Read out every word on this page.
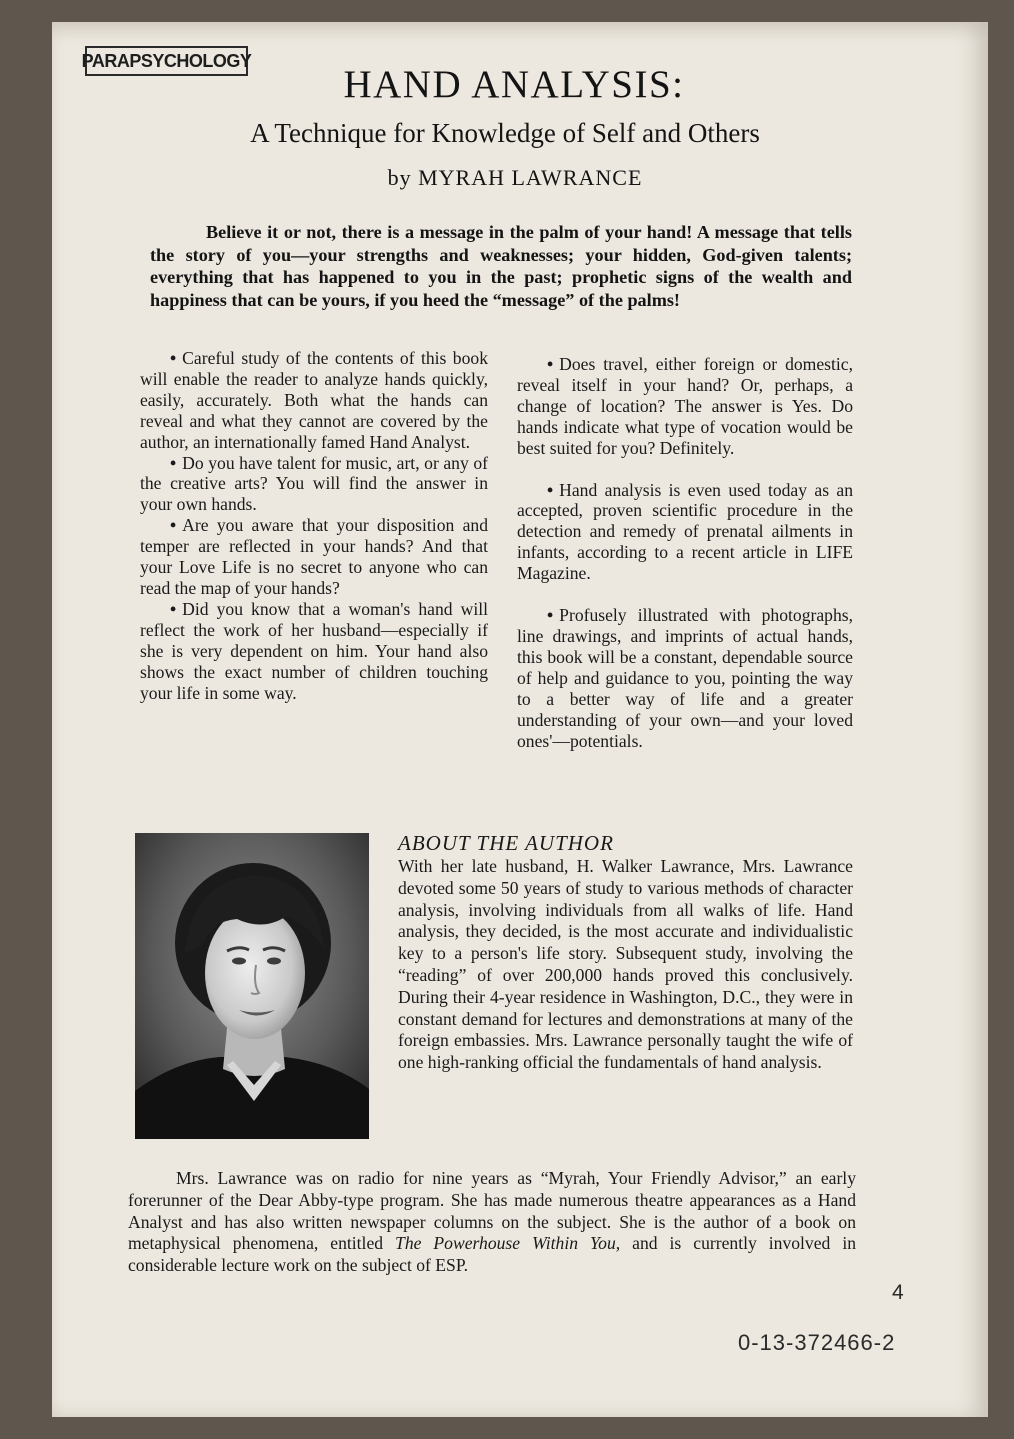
PARAPSYCHOLOGY
HAND ANALYSIS:
A Technique for Knowledge of Self and Others
by MYRAH LAWRANCE

Believe it or not, there is a message in the palm of your hand! A message that tells the story of you—your strengths and weaknesses; your hidden, God-given talents; everything that has happened to you in the past; prophetic signs of the wealth and happiness that can be yours, if you heed the “message” of the palms!

• Careful study of the contents of this book will enable the reader to analyze hands quickly, easily, accurately. Both what the hands can reveal and what they cannot are covered by the author, an internationally famed Hand Analyst.

• Do you have talent for music, art, or any of the creative arts? You will find the answer in your own hands.

• Are you aware that your disposition and temper are reflected in your hands? And that your Love Life is no secret to anyone who can read the map of your hands?

• Did you know that a woman's hand will reflect the work of her husband—especially if she is very dependent on him. Your hand also shows the exact number of children touching your life in some way.

• Does travel, either foreign or domestic, reveal itself in your hand? Or, perhaps, a change of location? The answer is Yes. Do hands indicate what type of vocation would be best suited for you? Definitely.

• Hand analysis is even used today as an accepted, proven scientific procedure in the detection and remedy of prenatal ailments in infants, according to a recent article in LIFE Magazine.

• Profusely illustrated with photographs, line drawings, and imprints of actual hands, this book will be a constant, dependable source of help and guidance to you, pointing the way to a better way of life and a greater understanding of your own—and your loved ones'—potentials.

ABOUT THE AUTHOR
With her late husband, H. Walker Lawrance, Mrs. Lawrance devoted some 50 years of study to various methods of character analysis, involving individuals from all walks of life. Hand analysis, they decided, is the most accurate and individualistic key to a person's life story. Subsequent study, involving the “reading” of over 200,000 hands proved this conclusively. During their 4-year residence in Washington, D.C., they were in constant demand for lectures and demonstrations at many of the foreign embassies. Mrs. Lawrance personally taught the wife of one high-ranking official the fundamentals of hand analysis.

Mrs. Lawrance was on radio for nine years as “Myrah, Your Friendly Advisor,” an early forerunner of the Dear Abby-type program. She has made numerous theatre appearances as a Hand Analyst and has also written newspaper columns on the subject. She is the author of a book on metaphysical phenomena, entitled The Powerhouse Within You, and is currently involved in considerable lecture work on the subject of ESP.

4
0-13-372466-2
